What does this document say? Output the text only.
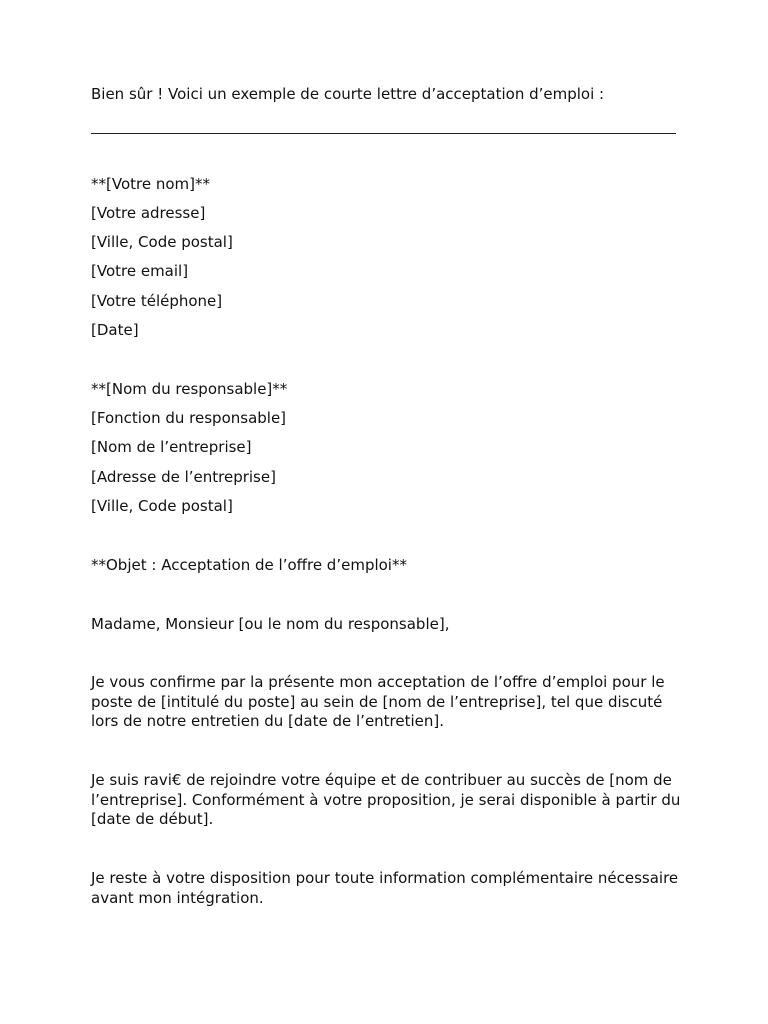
Bien sûr ! Voici un exemple de courte lettre d’acceptation d’emploi :
**[Votre nom]**
[Votre adresse]
[Ville, Code postal]
[Votre email]
[Votre téléphone]
[Date]
**[Nom du responsable]**
[Fonction du responsable]
[Nom de l’entreprise]
[Adresse de l’entreprise]
[Ville, Code postal]
**Objet : Acceptation de l’offre d’emploi**
Madame, Monsieur [ou le nom du responsable],
Je vous confirme par la présente mon acceptation de l’offre d’emploi pour le poste de [intitulé du poste] au sein de [nom de l’entreprise], tel que discuté lors de notre entretien du [date de l’entretien].
Je suis ravi€ de rejoindre votre équipe et de contribuer au succès de [nom de l’entreprise]. Conformément à votre proposition, je serai disponible à partir du [date de début].
Je reste à votre disposition pour toute information complémentaire nécessaire avant mon intégration.
